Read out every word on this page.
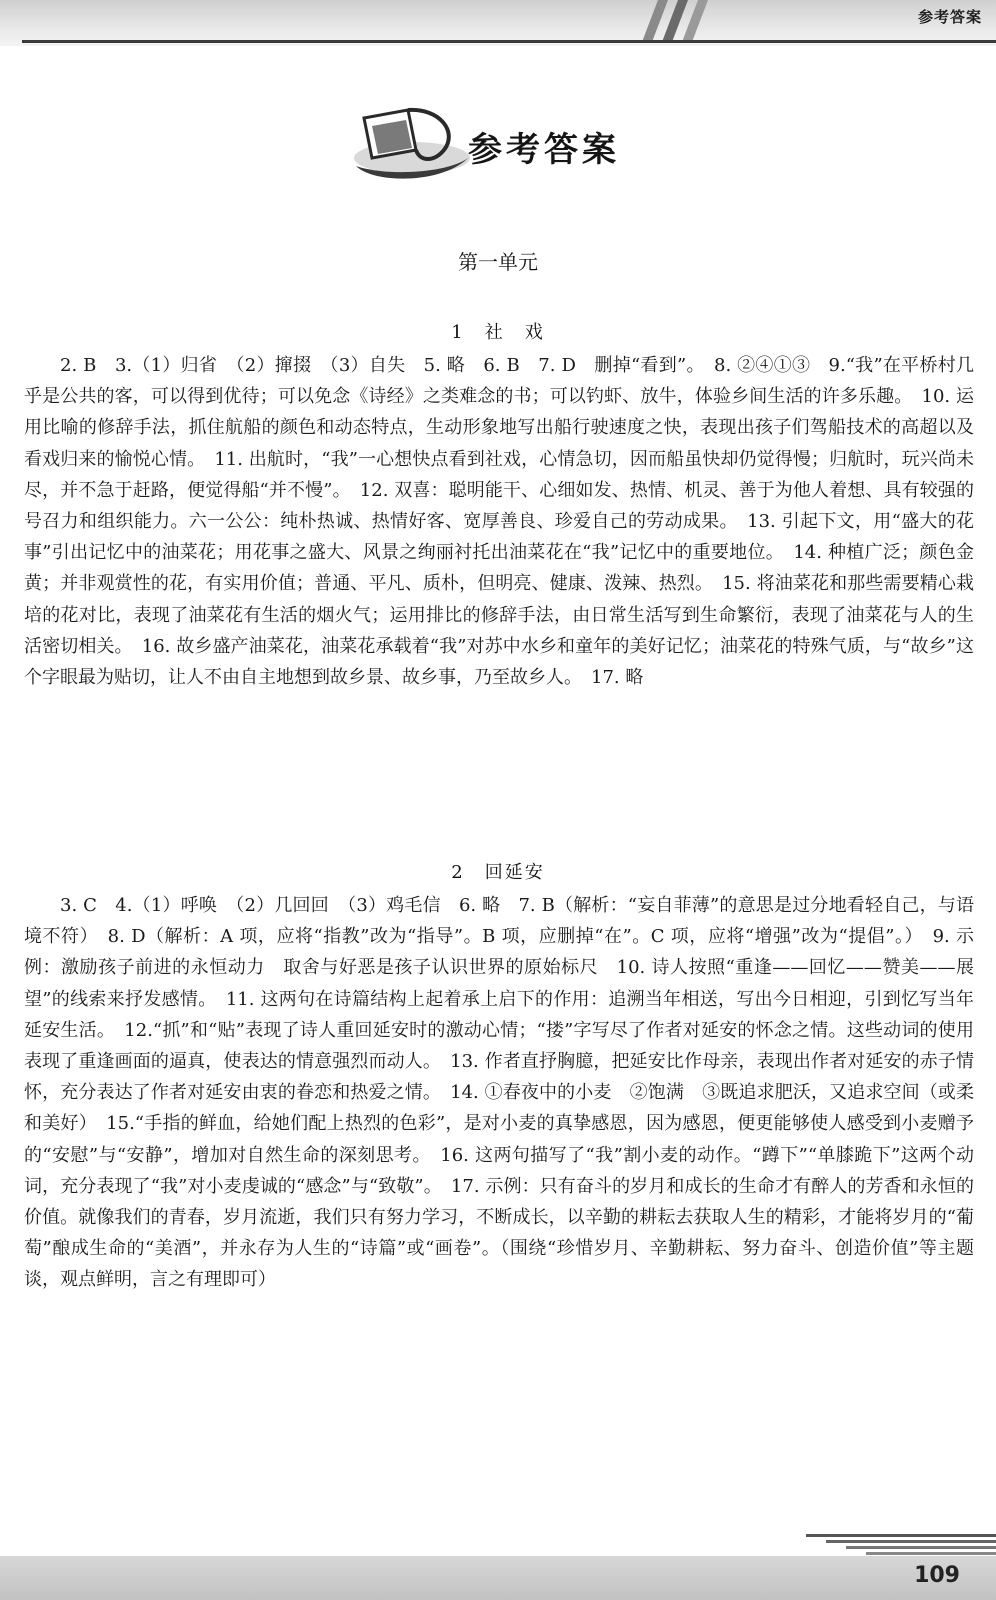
参考答案
参考答案
第一单元
1　社　戏

2. B　3.（1）归省　（2）撺掇　（3）自失　5. 略　6. B　7. D　删掉“看到”。　8. ②④①③　9.“我”在平桥村几乎是公共的客，可以得到优待；可以免念《诗经》之类难念的书；可以钓虾、放牛，体验乡间生活的许多乐趣。　10. 运用比喻的修辞手法，抓住航船的颜色和动态特点，生动形象地写出船行驶速度之快，表现出孩子们驾船技术的高超以及看戏归来的愉悦心情。　11. 出航时，“我”一心想快点看到社戏，心情急切，因而船虽快却仍觉得慢；归航时，玩兴尚未尽，并不急于赶路，便觉得船“并不慢”。　12. 双喜：聪明能干、心细如发、热情、机灵、善于为他人着想、具有较强的号召力和组织能力。六一公公：纯朴热诚、热情好客、宽厚善良、珍爱自己的劳动成果。　13. 引起下文，用“盛大的花事”引出记忆中的油菜花；用花事之盛大、风景之绚丽衬托出油菜花在“我”记忆中的重要地位。　14. 种植广泛；颜色金黄；并非观赏性的花，有实用价值；普通、平凡、质朴，但明亮、健康、泼辣、热烈。　15. 将油菜花和那些需要精心栽培的花对比，表现了油菜花有生活的烟火气；运用排比的修辞手法，由日常生活写到生命繁衍，表现了油菜花与人的生活密切相关。　16. 故乡盛产油菜花，油菜花承载着“我”对苏中水乡和童年的美好记忆；油菜花的特殊气质，与“故乡”这个字眼最为贴切，让人不由自主地想到故乡景、故乡事，乃至故乡人。　17. 略

2　回延安

3. C　4.（1）呼唤　（2）几回回　（3）鸡毛信　6. 略　7. B（解析：“妄自菲薄”的意思是过分地看轻自己，与语境不符）　8. D（解析：A 项，应将“指教”改为“指导”。B 项，应删掉“在”。C 项，应将“增强”改为“提倡”。）　9. 示例：激励孩子前进的永恒动力　取舍与好恶是孩子认识世界的原始标尺　10. 诗人按照“重逢——回忆——赞美——展望”的线索来抒发感情。　11. 这两句在诗篇结构上起着承上启下的作用：追溯当年相送，写出今日相迎，引到忆写当年延安生活。　12.“抓”和“贴”表现了诗人重回延安时的激动心情；“搂”字写尽了作者对延安的怀念之情。这些动词的使用表现了重逢画面的逼真，使表达的情意强烈而动人。　13. 作者直抒胸臆，把延安比作母亲，表现出作者对延安的赤子情怀，充分表达了作者对延安由衷的眷恋和热爱之情。　14. ①春夜中的小麦　②饱满　③既追求肥沃，又追求空间（或柔和美好）　15.“手指的鲜血，给她们配上热烈的色彩”，是对小麦的真挚感恩，因为感恩，便更能够使人感受到小麦赠予的“安慰”与“安静”，增加对自然生命的深刻思考。　16. 这两句描写了“我”割小麦的动作。“蹲下”“单膝跪下”这两个动词，充分表现了“我”对小麦虔诚的“感念”与“致敬”。　17. 示例：只有奋斗的岁月和成长的生命才有醉人的芳香和永恒的价值。就像我们的青春，岁月流逝，我们只有努力学习，不断成长，以辛勤的耕耘去获取人生的精彩，才能将岁月的“葡萄”酿成生命的“美酒”，并永存为人生的“诗篇”或“画卷”。（围绕“珍惜岁月、辛勤耕耘、努力奋斗、创造价值”等主题谈，观点鲜明，言之有理即可）

109
